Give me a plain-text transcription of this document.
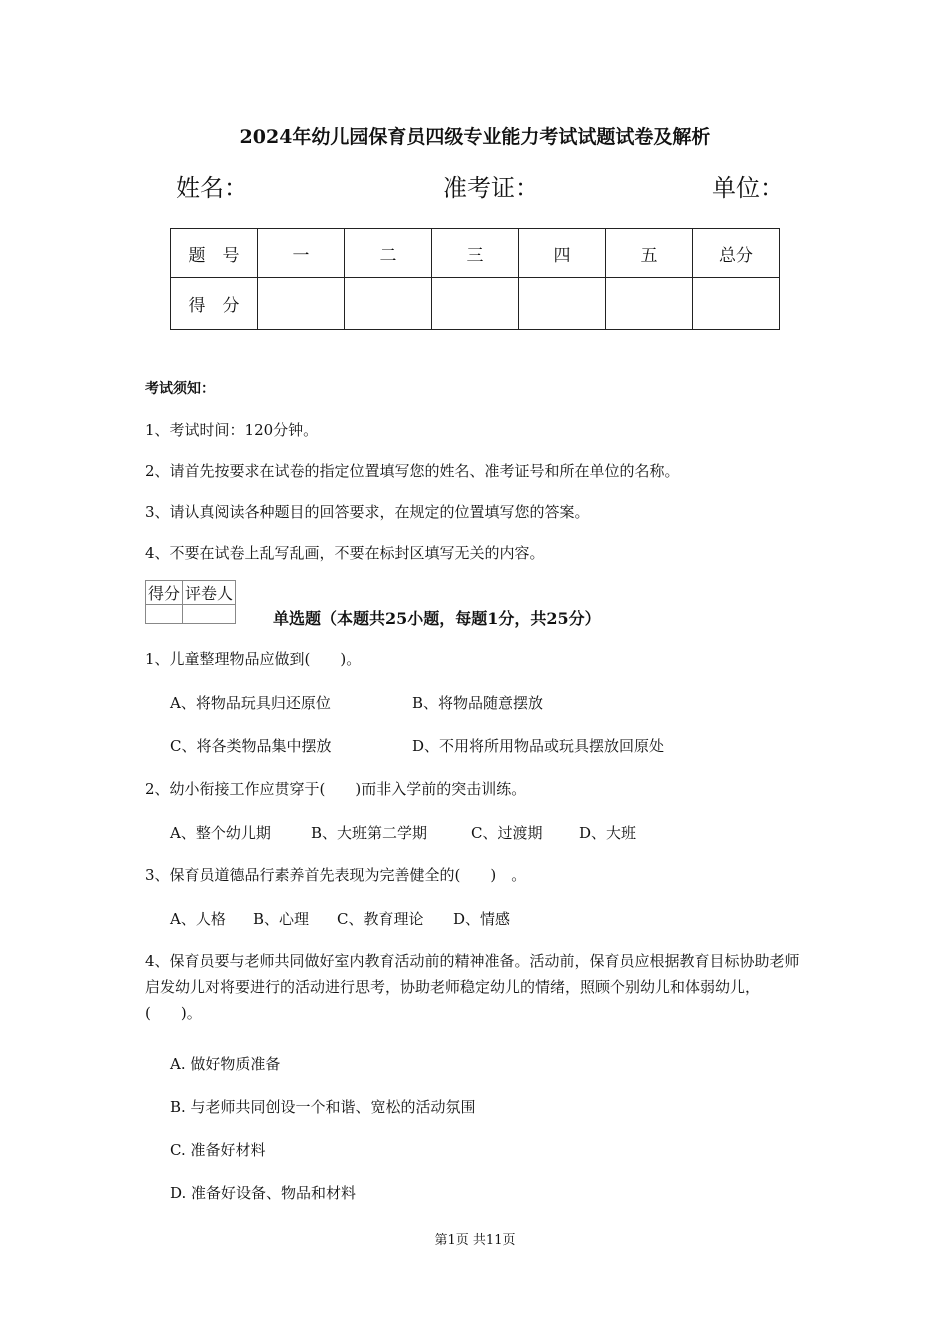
2024年幼儿园保育员四级专业能力考试试题试卷及解析
姓名：	准考证：	单位：
题　号	一	二	三	四	五	总分
得　分						
考试须知：
1、考试时间：120分钟。
2、请首先按要求在试卷的指定位置填写您的姓名、准考证号和所在单位的名称。
3、请认真阅读各种题目的回答要求，在规定的位置填写您的答案。
4、不要在试卷上乱写乱画，不要在标封区填写无关的内容。
得分	评卷人

单选题（本题共25小题，每题1分，共25分）
1、儿童整理物品应做到(　　)。
A、将物品玩具归还原位	B、将物品随意摆放
C、将各类物品集中摆放	D、不用将所用物品或玩具摆放回原处
2、幼小衔接工作应贯穿于(　　)而非入学前的突击训练。
A、整个幼儿期	B、大班第二学期	C、过渡期 D、大班
3、保育员道德品行素养首先表现为完善健全的(　　)　。
A、人格 B、心理 C、教育理论 D、情感
4、保育员要与老师共同做好室内教育活动前的精神准备。活动前，保育员应根据教育目标协助老师启发幼儿对将要进行的活动进行思考，协助老师稳定幼儿的情绪，照顾个别幼儿和体弱幼儿，(　　)。
A. 做好物质准备
B. 与老师共同创设一个和谐、宽松的活动氛围
C. 准备好材料
D. 准备好设备、物品和材料
第1页 共11页
